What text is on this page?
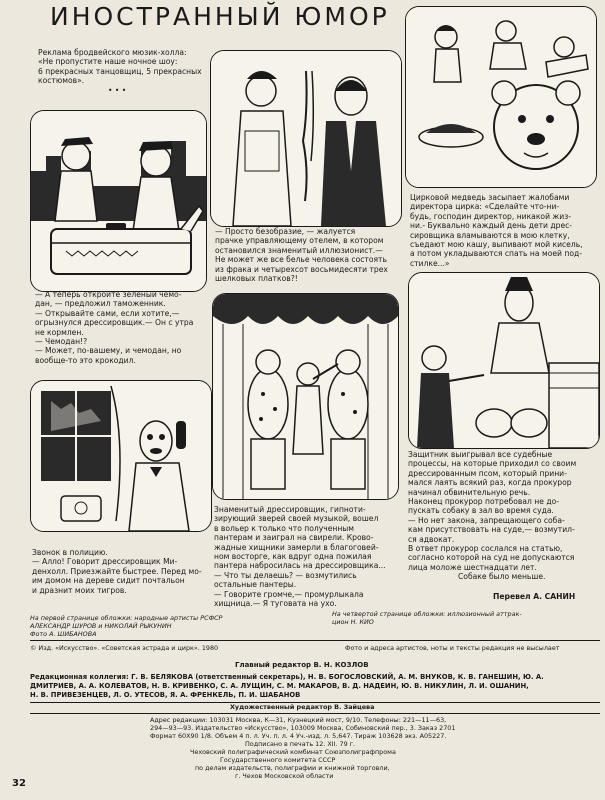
ИНОСТРАННЫЙ ЮМОР

Реклама бродвейского мюзик-холла:

«Не пропустите наше ночное шоу:

6 прекрасных танцовщиц, 5 прекрасных

костюмов».

• • •

— Просто безобразие, — жалуется

прачке управляющему отелем, в котором

остановился знаменитый иллюзионист.—

Не может же все белье человека состоять

из фрака и четырехсот восьмидесяти трех

шелковых платков?!

Цирковой медведь засыпает жалобами

директора цирка: «Сделайте что-ни-

будь, господин директор, никакой жиз-

ни.- Буквально каждый день дети дрес-

сировщика вламываются в мою клетку,

съедают мою кашу, выпивают мой кисель,

а потом укладываются спать на моей под-

стилке...»

— А теперь откройте зеленый чемо-

дан, — предложил таможенник.

— Открывайте сами, если хотите,—

огрызнулся дрессировщик.— Он с утра

не кормлен.

— Чемодан!?

— Может, по-вашему, и чемодан, но

вообще-то это крокодил.

Защитник выигрывал все судебные

процессы, на которые приходил со своим

дрессированным псом, который прини-

мался лаять всякий раз, когда прокурор

начинал обвинительную речь.

Наконец прокурор потребовал не до-

пускать собаку в зал во время суда.

— Но нет закона, запрещающего соба-

кам присутствовать на суде,— возмутил-

ся адвокат.

В ответ прокурор сослался на статью,

согласно которой на суд не допускаются

лица моложе шестнадцати лет.

Собаке было меньше.

Знаменитый дрессировщик, гипноти-

зирующий зверей своей музыкой, вошел

в вольер к только что полученным

пантерам и заиграл на свирели. Крово-

жадные хищники замерли в благоговей-

ном восторге, как вдруг одна пожилая

пантера набросилась на дрессировщика...

— Что ты делаешь? — возмутились

остальные пантеры.

— Говорите громче,— промурлыкала

хищница.— Я туговата на ухо.

Звонок в полицию.

— Алло! Говорит дрессировщик Ми-

денхолл. Приезжайте быстрее. Перед мо-

им домом на дереве сидит почтальон

и дразнит моих тигров.

Перевел А. САНИН
На первой странице обложки: народные артисты РСФСР
АЛЕКСАНДР ШУРОВ и НИКОЛАЙ РЫКУНИН
Фото А. ШИБАНОВА
На четвертой странице обложки: иллюзионный аттрак-
цион Н. КИО
© Изд. «Искусство». «Советская эстрада и цирк». 1980	Фото и адреса артистов, ноты и тексты редакция не высылает
Главный редактор В. Н. КОЗЛОВ
Редакционная коллегия: Г. В. БЕЛЯКОВА (ответственный секретарь), Н. В. БОГОСЛОВСКИЙ, А. М. ВНУКОВ, К. В. ГАНЕШИН, Ю. А.
ДМИТРИЕВ, А. А. КОЛЕВАТОВ, Н. В. КРИВЕНКО, С. А. ЛУЩИН, С. М. МАКАРОВ, В. Д. НАДЕИН, Ю. В. НИКУЛИН, Л. И. ОШАНИН,
Н. В. ПРИВЕЗЕНЦЕВ, Л. О. УТЕСОВ, Я. А. ФРЕНКЕЛЬ, П. И. ШАБАНОВ
Художественный редактор В. Зайцева
Адрес редакции: 103031 Москва, К—31, Кузнецкий мост, 9/10. Телефоны: 221—11—63,
294—93—93. Издательство «Искусство», 103009 Москва, Собиновский пер., 3. Заказ 2701
Формат 60Х90 1/8. Объем 4 п. л. Уч. п. л. 4 Уч.-изд. л. 5,647. Тираж 103628 экз. А05227.
Подписано в печать 12. XII. 79 г.
Чеховский полиграфический комбинат Союзполиграфпрома
Государственного комитета СССР
по делам издательств, полиграфии и книжной торговли,
г. Чехов Московской области
32
